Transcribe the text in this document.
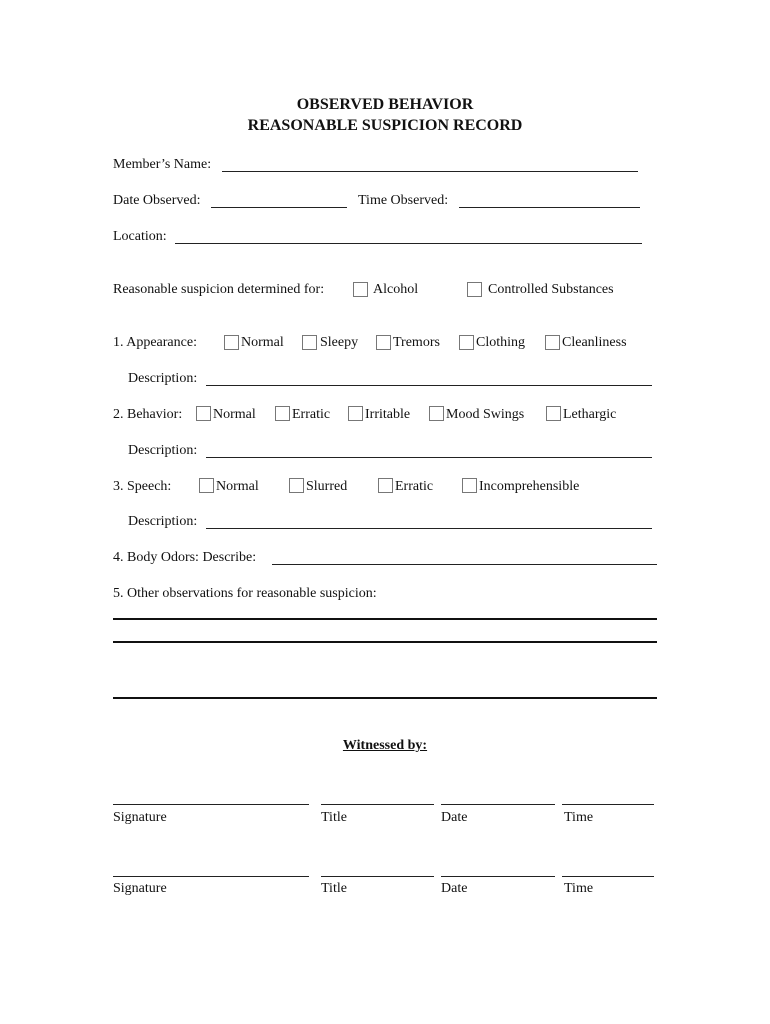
OBSERVED BEHAVIOR
REASONABLE SUSPICION RECORD
Member’s Name:
Date Observed:	Time Observed:
Location:
Reasonable suspicion determined for:	Alcohol	Controlled Substances
1. Appearance:	Normal	Sleepy Tremors	Clothing	Cleanliness
Description:
2. Behavior: Normal	Erratic Irritable	Mood Swings	Lethargic
Description:
3. Speech:	Normal	Slurred	Erratic	Incomprehensible
Description:
4. Body Odors: Describe:
5. Other observations for reasonable suspicion:
Witnessed by:
Signature	Title	Date	Time
Signature	Title	Date	Time
